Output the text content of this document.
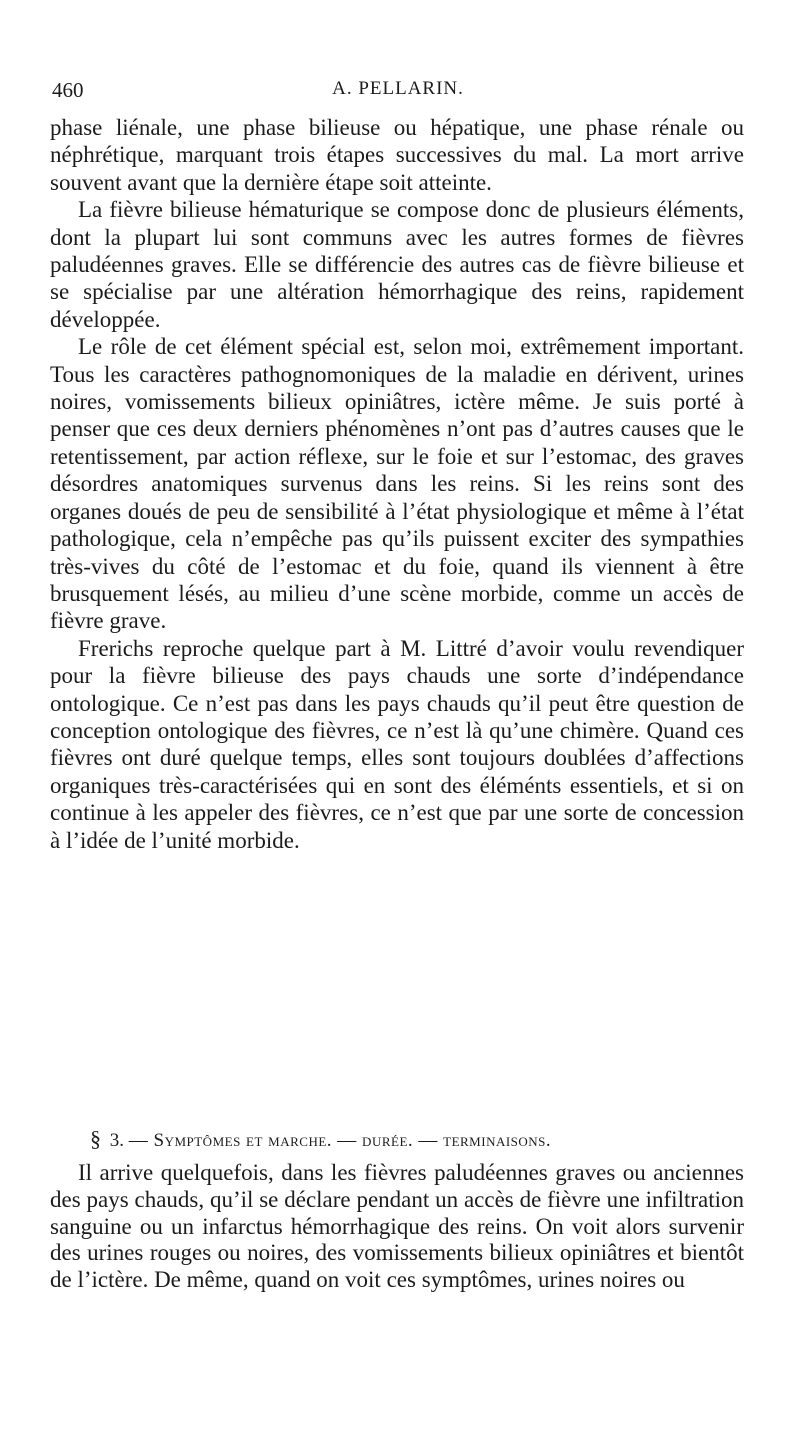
460	A. PELLARIN.

phase liénale, une phase bilieuse ou hépatique, une phase rénale ou néphrétique, marquant trois étapes successives du mal. La mort arrive souvent avant que la dernière étape soit atteinte.

La fièvre bilieuse hématurique se compose donc de plusieurs éléments, dont la plupart lui sont communs avec les autres formes de fièvres paludéennes graves. Elle se différencie des autres cas de fièvre bilieuse et se spécialise par une altération hémorrhagique des reins, rapidement développée.

Le rôle de cet élément spécial est, selon moi, extrêmement important. Tous les caractères pathognomoniques de la maladie en dérivent, urines noires, vomissements bilieux opiniâtres, ictère même. Je suis porté à penser que ces deux derniers phénomènes n’ont pas d’autres causes que le retentissement, par action réflexe, sur le foie et sur l’estomac, des graves désordres anatomiques survenus dans les reins. Si les reins sont des organes doués de peu de sensibilité à l’état physiologique et même à l’état pathologique, cela n’empêche pas qu’ils puissent exciter des sympathies très-vives du côté de l’estomac et du foie, quand ils viennent à être brusquement lésés, au milieu d’une scène morbide, comme un accès de fièvre grave.

Frerichs reproche quelque part à M. Littré d’avoir voulu revendiquer pour la fièvre bilieuse des pays chauds une sorte d’indépendance ontologique. Ce n’est pas dans les pays chauds qu’il peut être question de conception ontologique des fièvres, ce n’est là qu’une chimère. Quand ces fièvres ont duré quelque temps, elles sont toujours doublées d’affections organiques très-caractérisées qui en sont des éléménts essentiels, et si on continue à les appeler des fièvres, ce n’est que par une sorte de concession à l’idée de l’unité morbide.

§ 3. — Symptômes et marche. — durée. — terminaisons.

Il arrive quelquefois, dans les fièvres paludéennes graves ou anciennes des pays chauds, qu’il se déclare pendant un accès de fièvre une infiltration sanguine ou un infarctus hémorrhagique des reins. On voit alors survenir des urines rouges ou noires, des vomissements bilieux opiniâtres et bientôt de l’ictère. De même, quand on voit ces symptômes, urines noires ou
